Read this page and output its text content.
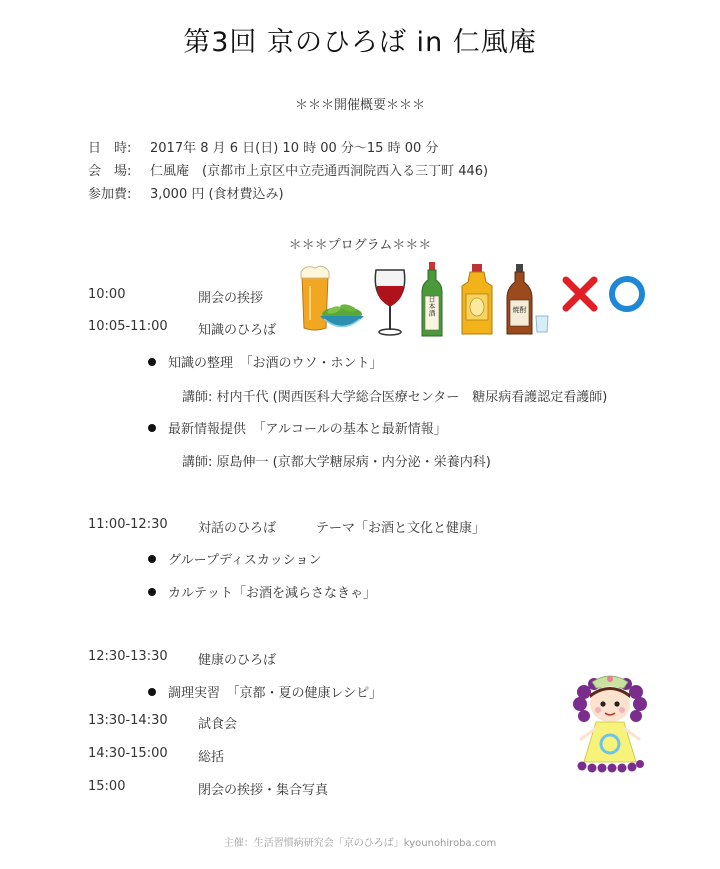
第3回 京のひろば in 仁風庵
＊＊＊開催概要＊＊＊
日　時: 2017年 8 月 6 日(日) 10 時 00 分～15 時 00 分
会　場: 仁風庵　(京都市上京区中立売通西洞院西入る三丁町 446)
参加費: 3,000 円 (食材費込み)
＊＊＊プログラム＊＊＊
10:00	開会の挨拶
10:05-11:00 知識のひろば
知識の整理　「お酒のウソ・ホント」
講師: 村内千代 (関西医科大学総合医療センター　糖尿病看護認定看護師)
最新情報提供　「アルコールの基本と最新情報」
講師: 原島伸一 (京都大学糖尿病・内分泌・栄養内科)
11:00-12:30 対話のひろば	テーマ「お酒と文化と健康」
グループディスカッション
カルテット「お酒を減らさなきゃ」
12:30-13:30 健康のひろば
調理実習　「京都・夏の健康レシピ」
13:30-14:30 試食会
14:30-15:00 総括
15:00	閉会の挨拶・集合写真
日本酒	焼酎
主催：生活習慣病研究会「京のひろば」kyounohiroba.com
